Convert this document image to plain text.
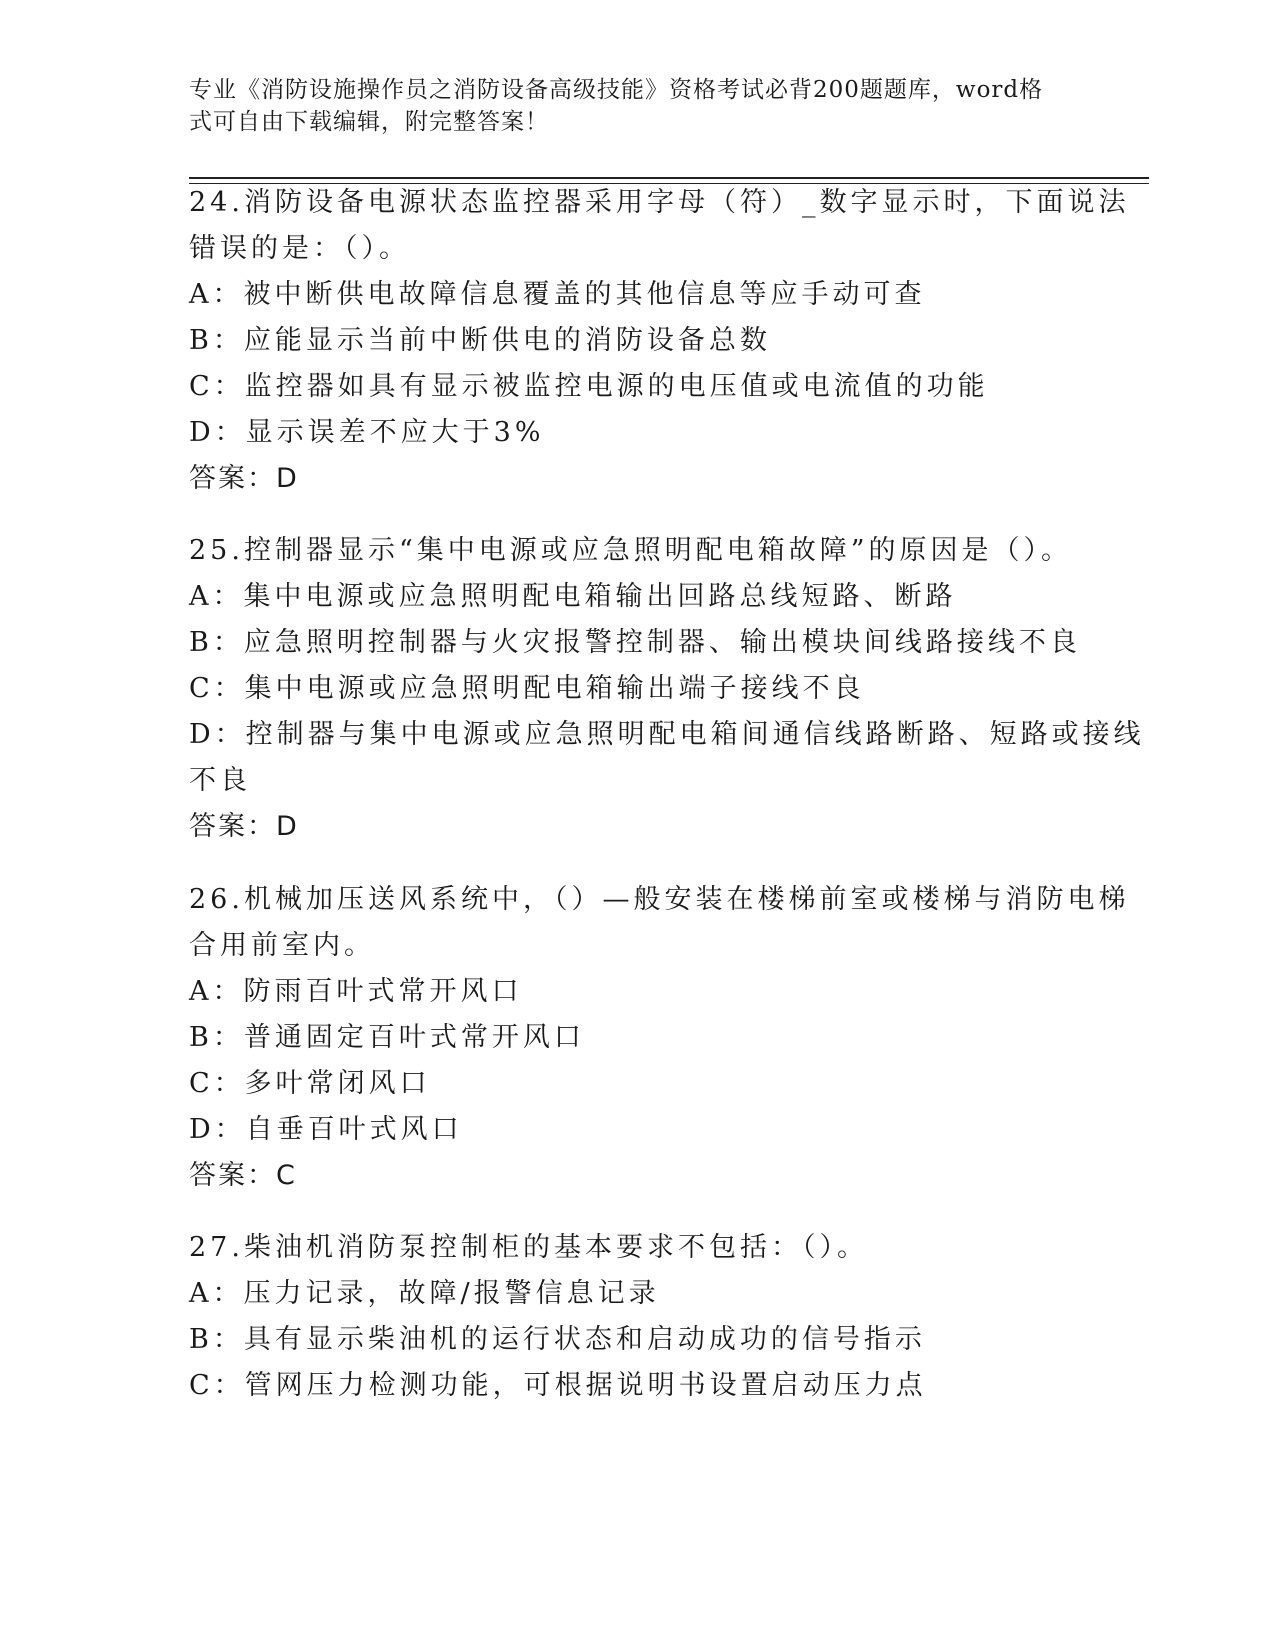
专业《消防设施操作员之消防设备高级技能》资格考试必背200题题库，word格
式可自由下载编辑，附完整答案！
24.消防设备电源状态监控器采用字母（符）_数字显示时，下面说法
错误的是：（）。
A：被中断供电故障信息覆盖的其他信息等应手动可查
B：应能显示当前中断供电的消防设备总数
C：监控器如具有显示被监控电源的电压值或电流值的功能
D：显示误差不应大于3%
答案：D
25.控制器显示“集中电源或应急照明配电箱故障”的原因是（）。
A：集中电源或应急照明配电箱输出回路总线短路、断路
B：应急照明控制器与火灾报警控制器、输出模块间线路接线不良
C：集中电源或应急照明配电箱输出端子接线不良
D：控制器与集中电源或应急照明配电箱间通信线路断路、短路或接线
不良
答案：D
26.机械加压送风系统中，（）—般安装在楼梯前室或楼梯与消防电梯
合用前室内。
A：防雨百叶式常开风口
B：普通固定百叶式常开风口
C：多叶常闭风口
D：自垂百叶式风口
答案：C
27.柴油机消防泵控制柜的基本要求不包括：（）。
A：压力记录，故障/报警信息记录
B：具有显示柴油机的运行状态和启动成功的信号指示
C：管网压力检测功能，可根据说明书设置启动压力点
